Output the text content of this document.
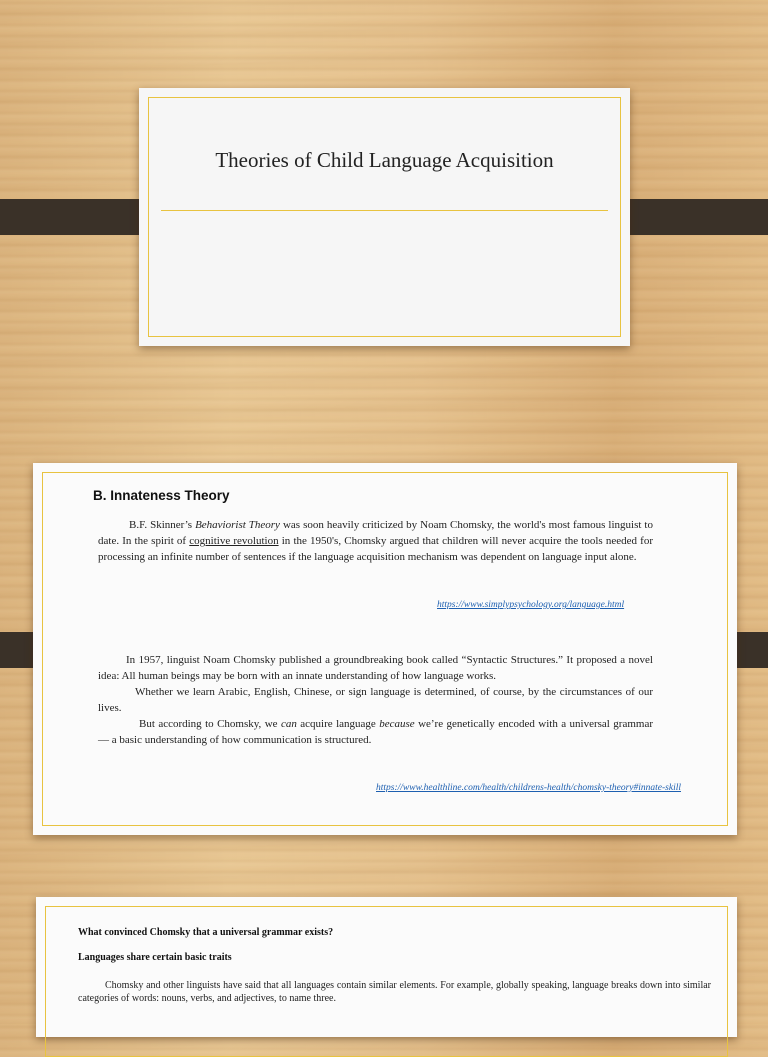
Theories of Child Language Acquisition
B. Innateness Theory
B.F. Skinner’s Behaviorist Theory was soon heavily criticized by Noam Chomsky, the world's most famous linguist to date. In the spirit of cognitive revolution in the 1950's, Chomsky argued that children will never acquire the tools needed for processing an infinite number of sentences if the language acquisition mechanism was dependent on language input alone.
https://www.simplypsychology.org/language.html
In 1957, linguist Noam Chomsky published a groundbreaking book called “Syntactic Structures.” It proposed a novel idea: All human beings may be born with an innate understanding of how language works.
Whether we learn Arabic, English, Chinese, or sign language is determined, of course, by the circumstances of our lives.
But according to Chomsky, we can acquire language because we’re genetically encoded with a universal grammar — a basic understanding of how communication is structured.
https://www.healthline.com/health/childrens-health/chomsky-theory#innate-skill
What convinced Chomsky that a universal grammar exists?
Languages share certain basic traits
Chomsky and other linguists have said that all languages contain similar elements. For example, globally speaking, language breaks down into similar categories of words: nouns, verbs, and adjectives, to name three.
